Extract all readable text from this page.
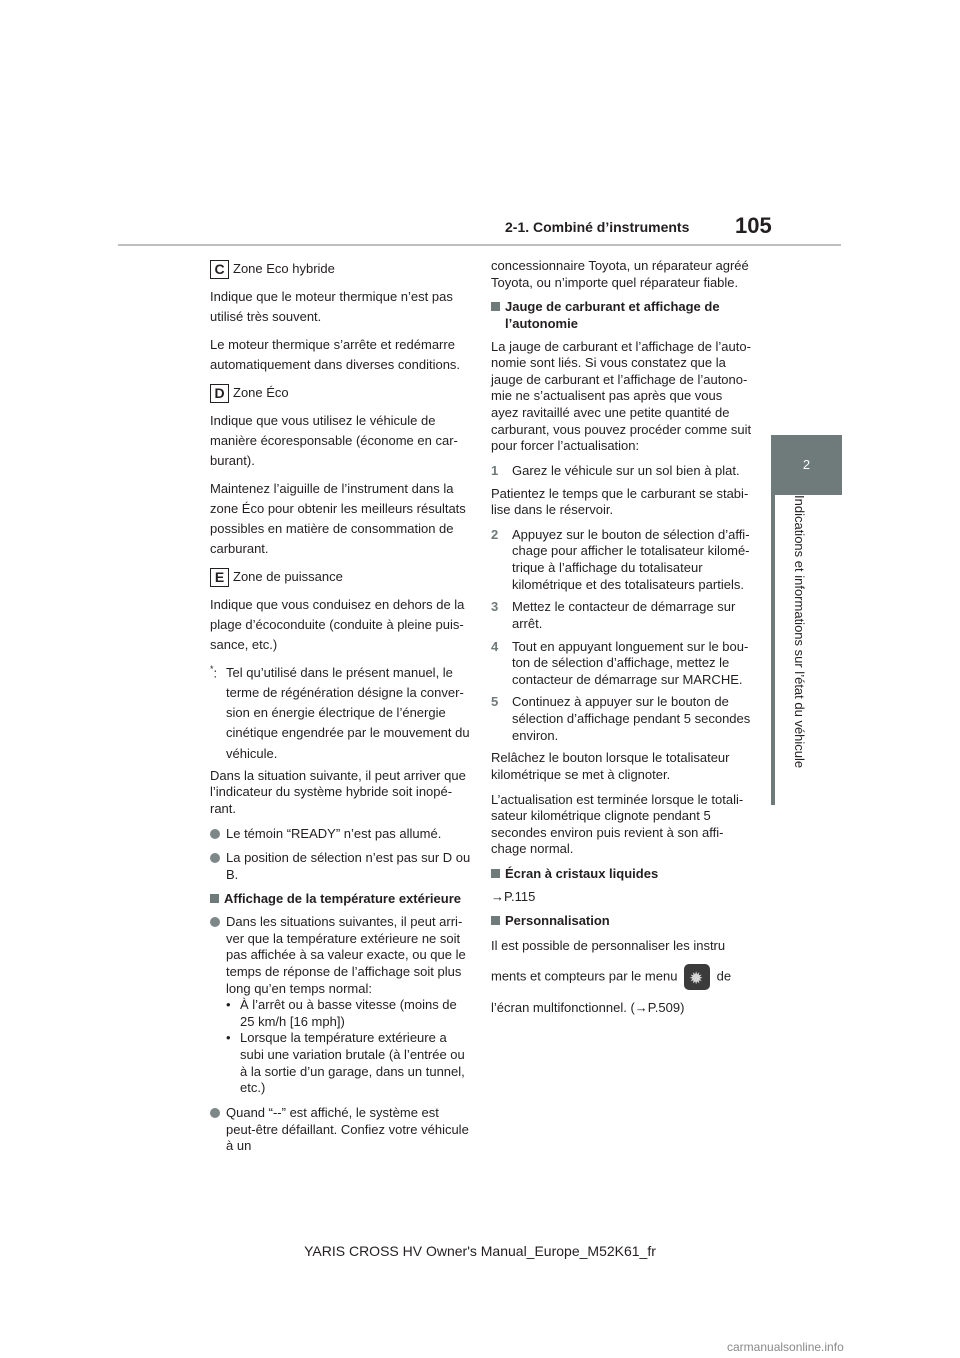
2-1. Combiné d’instruments 105
2
Indications et informations sur l’état du véhicule
C Zone Eco hybride

Indique que le moteur thermique n’est pas utilisé très souvent.

Le moteur thermique s’arrête et redémarre automatiquement dans diverses conditions.

D Zone Éco

Indique que vous utilisez le véhicule de manière écoresponsable (économe en carburant).

Maintenez l’aiguille de l’instrument dans la zone Éco pour obtenir les meilleurs résultats possibles en matière de consommation de carburant.

E Zone de puissance

Indique que vous conduisez en dehors de la plage d’écoconduite (conduite à pleine puissance, etc.)

*: Tel qu’utilisé dans le présent manuel, le terme de régénération désigne la conversion en énergie électrique de l’énergie cinétique engendrée par le mouvement du véhicule.

Dans la situation suivante, il peut arriver que l’indicateur du système hybride soit inopérant.

Le témoin “READY” n’est pas allumé.
La position de sélection n’est pas sur D ou B.
Affichage de la température extérieure
Dans les situations suivantes, il peut arriver que la température extérieure ne soit pas affichée à sa valeur exacte, ou que le temps de réponse de l’affichage soit plus long qu’en temps normal:
• À l’arrêt ou à basse vitesse (moins de 25 km/h [16 mph])
• Lorsque la température extérieure a subi une variation brutale (à l’entrée ou à la sortie d’un garage, dans un tunnel, etc.)
Quand “--” est affiché, le système est peut-être défaillant. Confiez votre véhicule à un

concessionnaire Toyota, un réparateur agréé Toyota, ou n’importe quel réparateur fiable.

Jauge de carburant et affichage de l’autonomie

La jauge de carburant et l’affichage de l’autonomie sont liés. Si vous constatez que la jauge de carburant et l’affichage de l’autonomie ne s’actualisent pas après que vous ayez ravitaillé avec une petite quantité de carburant, vous pouvez procéder comme suit pour forcer l’actualisation:

1	Garez le véhicule sur un sol bien à plat.

Patientez le temps que le carburant se stabilise dans le réservoir.

2	Appuyez sur le bouton de sélection d’affichage pour afficher le totalisateur kilométrique à l’affichage du totalisateur kilométrique et des totalisateurs partiels.
3	Mettez le contacteur de démarrage sur arrêt.
4	Tout en appuyant longuement sur le bouton de sélection d’affichage, mettez le contacteur de démarrage sur MARCHE.
5	Continuez à appuyer sur le bouton de sélection d’affichage pendant 5 secondes environ.

Relâchez le bouton lorsque le totalisateur kilométrique se met à clignoter.

L’actualisation est terminée lorsque le totalisateur kilométrique clignote pendant 5 secondes environ puis revient à son affichage normal.

Écran à cristaux liquides

→P.115

Personnalisation

Il est possible de personnaliser les instru

ments et compteurs par le menu ✹	de

l’écran multifonctionnel. (→P.509)

YARIS CROSS HV Owner's Manual_Europe_M52K61_fr
carmanualsonline.info
